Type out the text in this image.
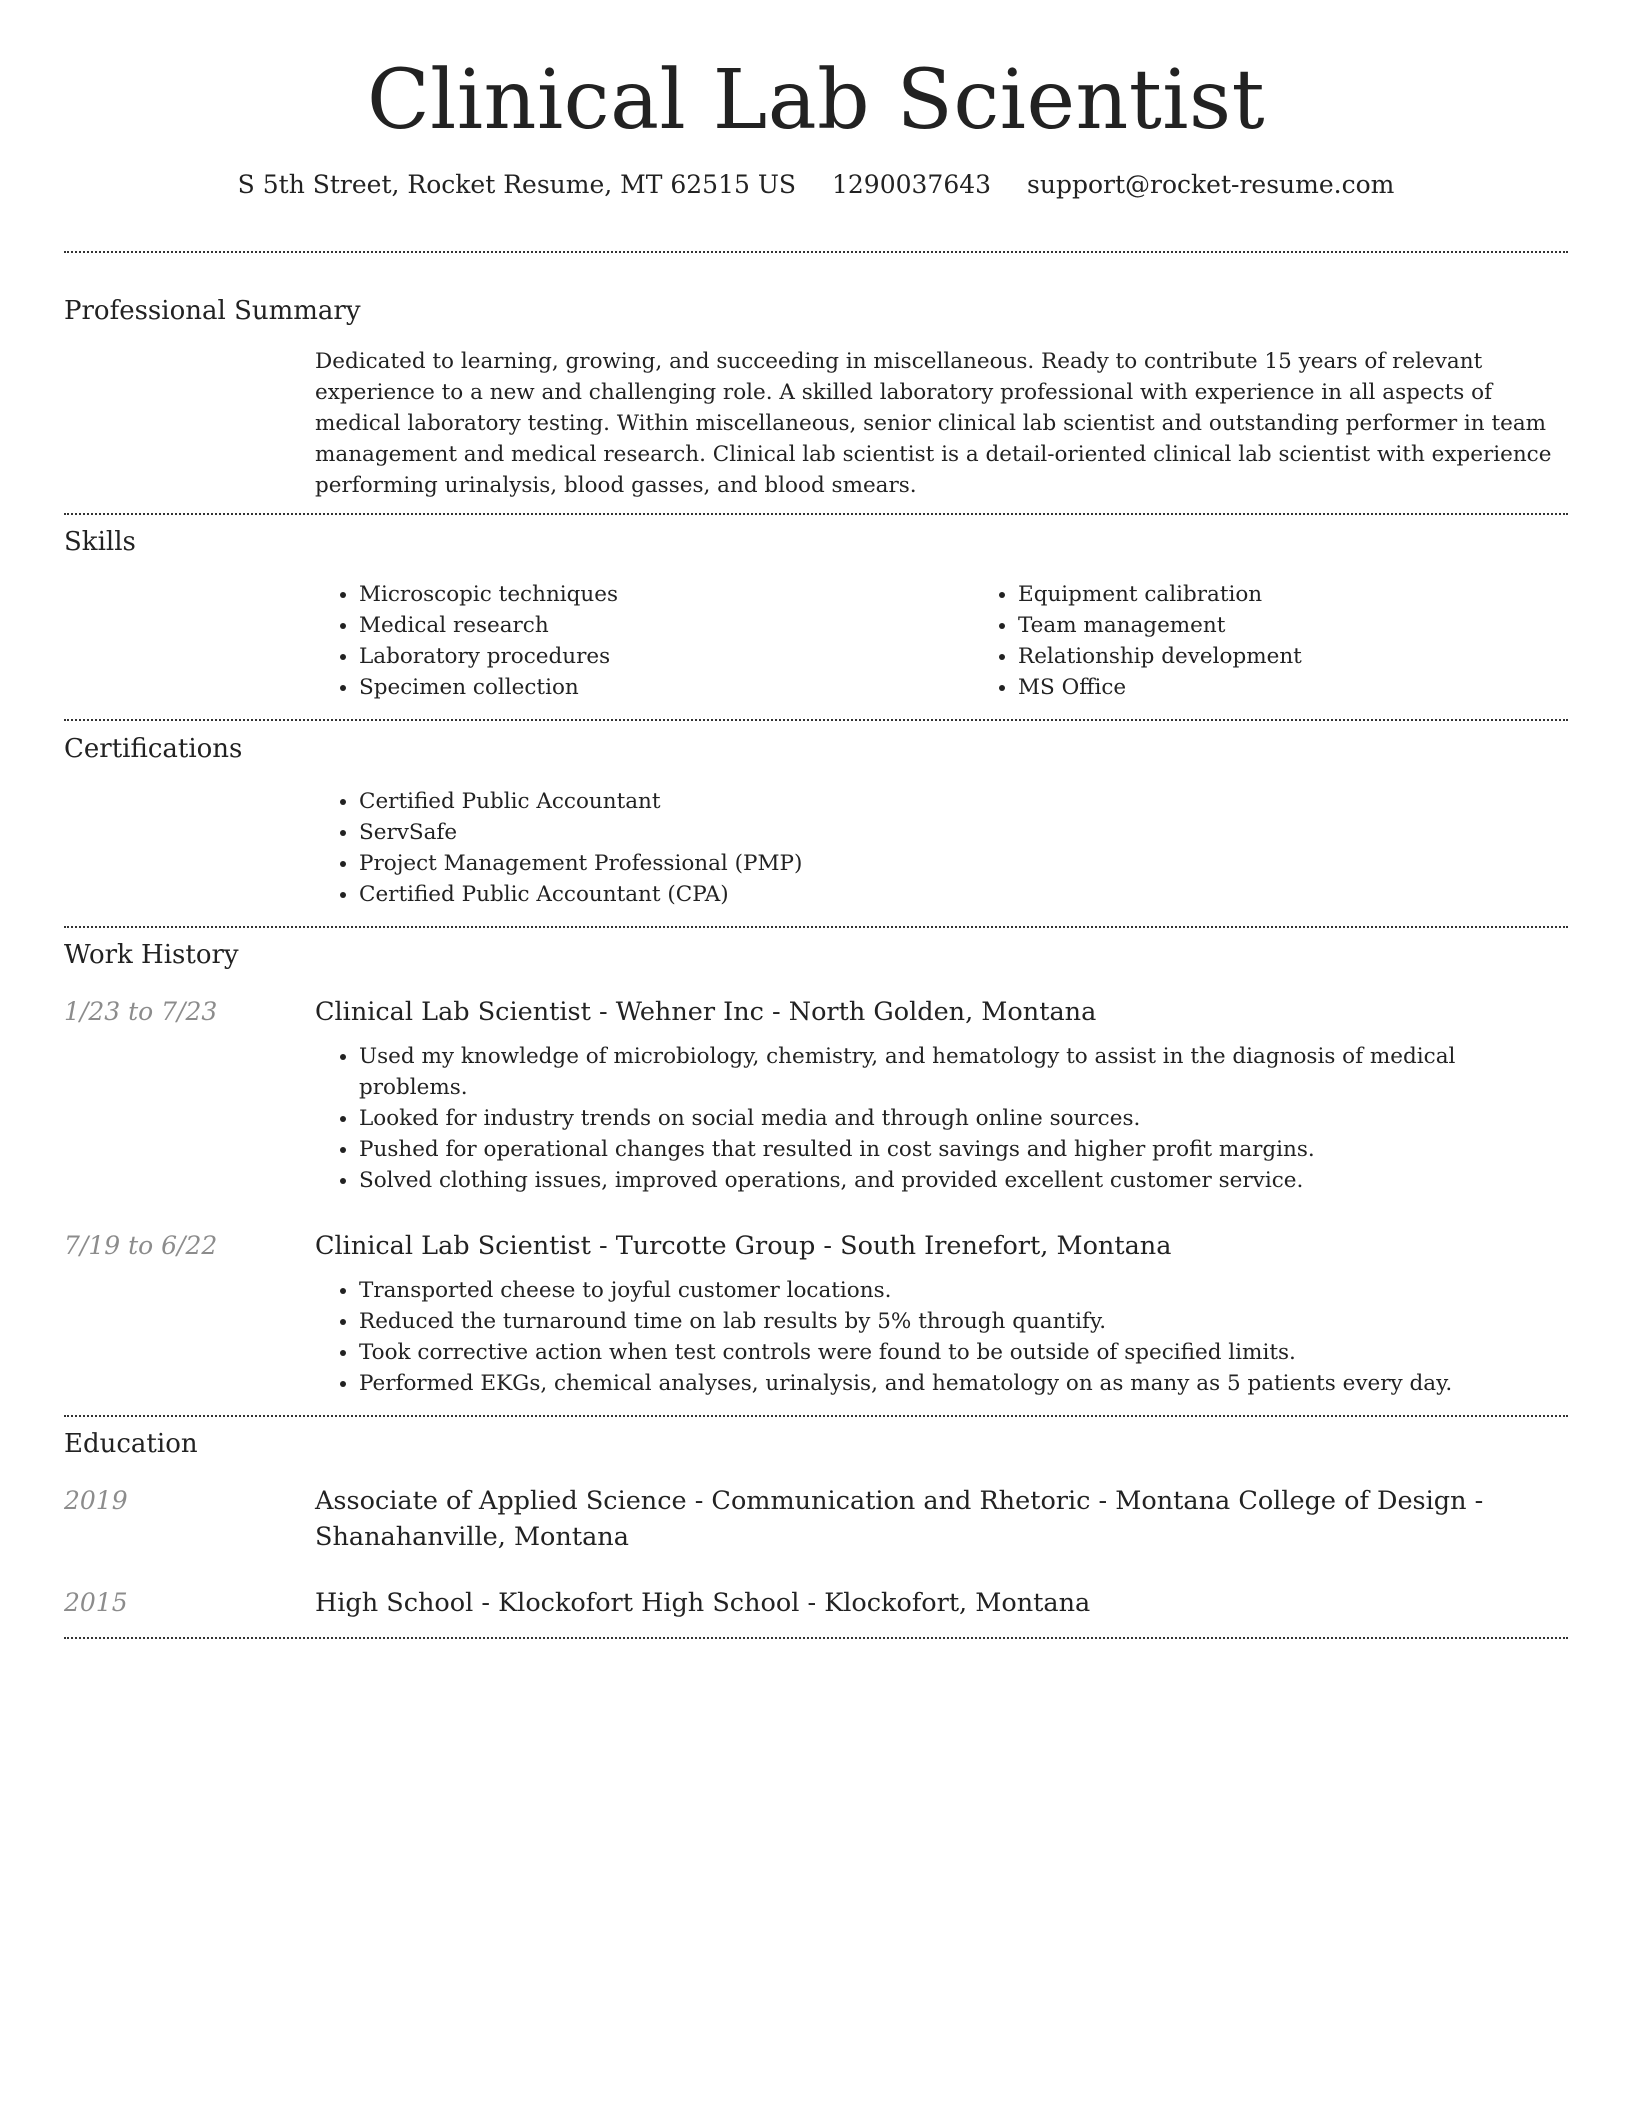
Clinical Lab Scientist
S 5th Street, Rocket Resume, MT 62515 US 1290037643 support@rocket-resume.com
Professional Summary
Dedicated to learning, growing, and succeeding in miscellaneous. Ready to contribute 15 years of relevant experience to a new and challenging role. A skilled laboratory professional with experience in all aspects of medical laboratory testing. Within miscellaneous, senior clinical lab scientist and outstanding performer in team management and medical research. Clinical lab scientist is a detail-oriented clinical lab scientist with experience performing urinalysis, blood gasses, and blood smears.
Skills
• Microscopic techniques
• Medical research
• Laboratory procedures
• Specimen collection
• Equipment calibration
• Team management
• Relationship development
• MS Office
Certifications
• Certified Public Accountant
• ServSafe
• Project Management Professional (PMP)
• Certified Public Accountant (CPA)
Work History
1/23 to 7/23	Clinical Lab Scientist - Wehner Inc - North Golden, Montana
• Used my knowledge of microbiology, chemistry, and hematology to assist in the diagnosis of medical problems.
• Looked for industry trends on social media and through online sources.
• Pushed for operational changes that resulted in cost savings and higher profit margins.
• Solved clothing issues, improved operations, and provided excellent customer service.
7/19 to 6/22	Clinical Lab Scientist - Turcotte Group - South Irenefort, Montana
• Transported cheese to joyful customer locations.
• Reduced the turnaround time on lab results by 5% through quantify.
• Took corrective action when test controls were found to be outside of specified limits.
• Performed EKGs, chemical analyses, urinalysis, and hematology on as many as 5 patients every day.
Education
2019	Associate of Applied Science - Communication and Rhetoric - Montana College of Design - Shanahanville, Montana
2015	High School - Klockofort High School - Klockofort, Montana
